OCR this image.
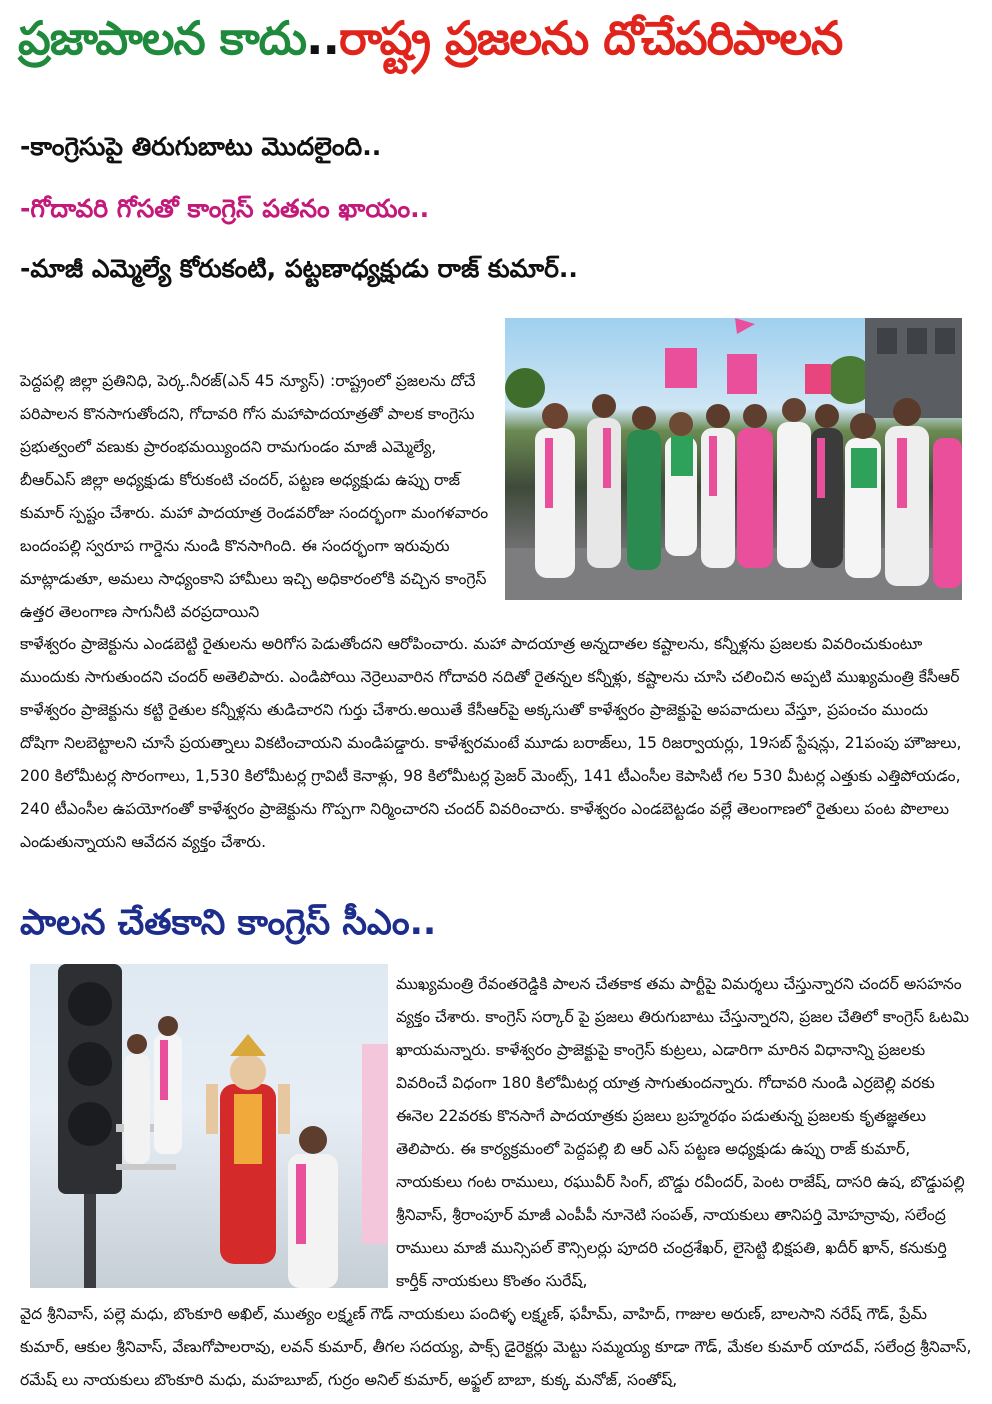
ప్రజాపాలన కాదు..రాష్ట్ర ప్రజలను దోచేపరిపాలన
-కాంగ్రెసుపై తిరుగుబాటు మొదలైంది..
-గోదావరి గోసతో కాంగ్రెస్ పతనం ఖాయం..
-మాజీ ఎమ్మెల్యే కోరుకంటి, పట్టణాధ్యక్షుడు రాజ్ కుమార్..
పెద్దపల్లి జిల్లా ప్రతినిధి, పెర్క.నీరజ్(ఎన్ 45 న్యూస్) :రాష్ట్రంలో ప్రజలను దోచే పరిపాలన కొనసాగుతోందని, గోదావరి గోస మహాపాదయాత్రతో పాలక కాంగ్రెసు ప్రభుత్వంలో వణుకు ప్రారంభమయ్యిందని రామగుండం మాజీ ఎమ్మెల్యే, బీఆర్ఎస్ జిల్లా అధ్యక్షుడు కోరుకంటి చందర్, పట్టణ అధ్యక్షుడు ఉప్పు రాజ్ కుమార్ స్పష్టం చేశారు. మహా పాదయాత్ర రెండవరోజు సందర్భంగా మంగళవారం బందంపల్లి స్వరూప గార్డెను నుండి కొనసాగింది. ఈ సందర్భంగా ఇరువురు మాట్లాడుతూ, అమలు సాధ్యంకాని హామీలు ఇచ్చి అధికారంలోకి వచ్చిన కాంగ్రెస్ ఉత్తర తెలంగాణ సాగునీటి వరప్రదాయిని
కాళేశ్వరం ప్రాజెక్టును ఎండబెట్టి రైతులను అరిగోస పెడుతోందని ఆరోపించారు. మహా పాదయాత్ర అన్నదాతల కష్టాలను, కన్నీళ్లను ప్రజలకు వివరించుకుంటూ ముందుకు సాగుతుందని చందర్ అతెలిపారు. ఎండిపోయి నెర్రెలువారిన గోదావరి నదితో రైతన్నల కన్నీళ్లు, కష్టాలను చూసి చలించిన అప్పటి ముఖ్యమంత్రి కేసీఆర్ కాళేశ్వరం ప్రాజెక్టును కట్టి రైతుల కన్నీళ్లను తుడిచారని గుర్తు చేశారు.అయితే కేసీఆర్‌పై అక్కసుతో కాళేశ్వరం ప్రాజెక్టుపై అపవాదులు వేస్తూ, ప్రపంచం ముందు దోషిగా నిలబెట్టాలని చూసే ప్రయత్నాలు వికటించాయని మండిపడ్డారు. కాళేశ్వరమంటే మూడు బరాజ్‌లు, 15 రిజర్వాయర్లు, 19సబ్ స్టేషన్లు, 21పంపు హౌజులు, 200 కిలోమీటర్ల సొరంగాలు, 1,530 కిలోమీటర్ల గ్రావిటీ కెనాళ్లు, 98 కిలోమీటర్ల ప్రెజర్ మెంట్స్, 141 టీఎంసీల కెపాసిటీ గల 530 మీటర్ల ఎత్తుకు ఎత్తిపోయడం, 240 టీఎంసీల ఉపయోగంతో కాళేశ్వరం ప్రాజెక్టును గొప్పగా నిర్మించారని చందర్ వివరించారు. కాళేశ్వరం ఎండబెట్టడం వల్లే తెలంగాణలో రైతులు పంట పొలాలు ఎండుతున్నాయని ఆవేదన వ్యక్తం చేశారు.
పాలన చేతకాని కాంగ్రెస్ సీఎం..
ముఖ్యమంత్రి రేవంతరెడ్డికి పాలన చేతకాక తమ పార్టీపై విమర్శలు చేస్తున్నారని చందర్ అసహనం వ్యక్తం చేశారు. కాంగ్రెస్ సర్కార్ పై ప్రజలు తిరుగుబాటు చేస్తున్నారని, ప్రజల చేతిలో కాంగ్రెస్ ఓటమి ఖాయమన్నారు. కాళేశ్వరం ప్రాజెక్టుపై కాంగ్రెస్ కుట్రలు, ఎడారిగా మారిన విధానాన్ని ప్రజలకు వివరించే విధంగా 180 కిలోమీటర్ల యాత్ర సాగుతుందన్నారు. గోదావరి నుండి ఎర్రబెల్లి వరకు ఈనెల 22వరకు కొనసాగే పాదయాత్రకు ప్రజలు బ్రహ్మరథం పడుతున్న ప్రజలకు కృతజ్ఞతలు తెలిపారు. ఈ కార్యక్రమంలో పెద్దపల్లి బి ఆర్ ఎస్ పట్టణ అధ్యక్షుడు ఉప్పు రాజ్ కుమార్, నాయకులు గంట రాములు, రఘువీర్ సింగ్, బొడ్డు రవీందర్, పెంట రాజేష్, దాసరి ఉష, బొడ్డుపల్లి శ్రీనివాస్, శ్రీరాంపూర్ మాజీ ఎంపీపీ నూనెటి సంపత్, నాయకులు తానిపర్తి మోహన్రావు, సలేంద్ర రాములు మాజీ మున్సిపల్ కౌన్సిలర్లు పూదరి చంద్రశేఖర్, లైసెట్టి భిక్షపతి, ఖదీర్ ఖాన్, కనుకుర్తి కార్తీక్ నాయకులు కొంతం సురేష్,
వైద శ్రీనివాస్, పల్లె మధు, బొంకూరి అఖిల్, ముత్యం లక్ష్మణ్ గౌడ్ నాయకులు పందిళ్ళ లక్ష్మణ్, ఫహీమ్, వాహిద్, గాజుల అరుణ్, బాలసాని నరేష్ గౌడ్, ప్రేమ్ కుమార్, ఆకుల శ్రీనివాస్, వేణుగోపాలరావు, లవన్ కుమార్, తీగల సదయ్య, పాక్స్ డైరెక్టర్లు మెట్టు సమ్మయ్య కూడా గౌడ్, మేకల కుమార్ యాదవ్, సలేంద్ర శ్రీనివాస్, రమేష్ లు నాయకులు బొంకూరి మధు, మహబూబ్, గుర్రం అనిల్ కుమార్, అఫ్జల్ బాబా, కుక్క మనోజ్, సంతోష్,
